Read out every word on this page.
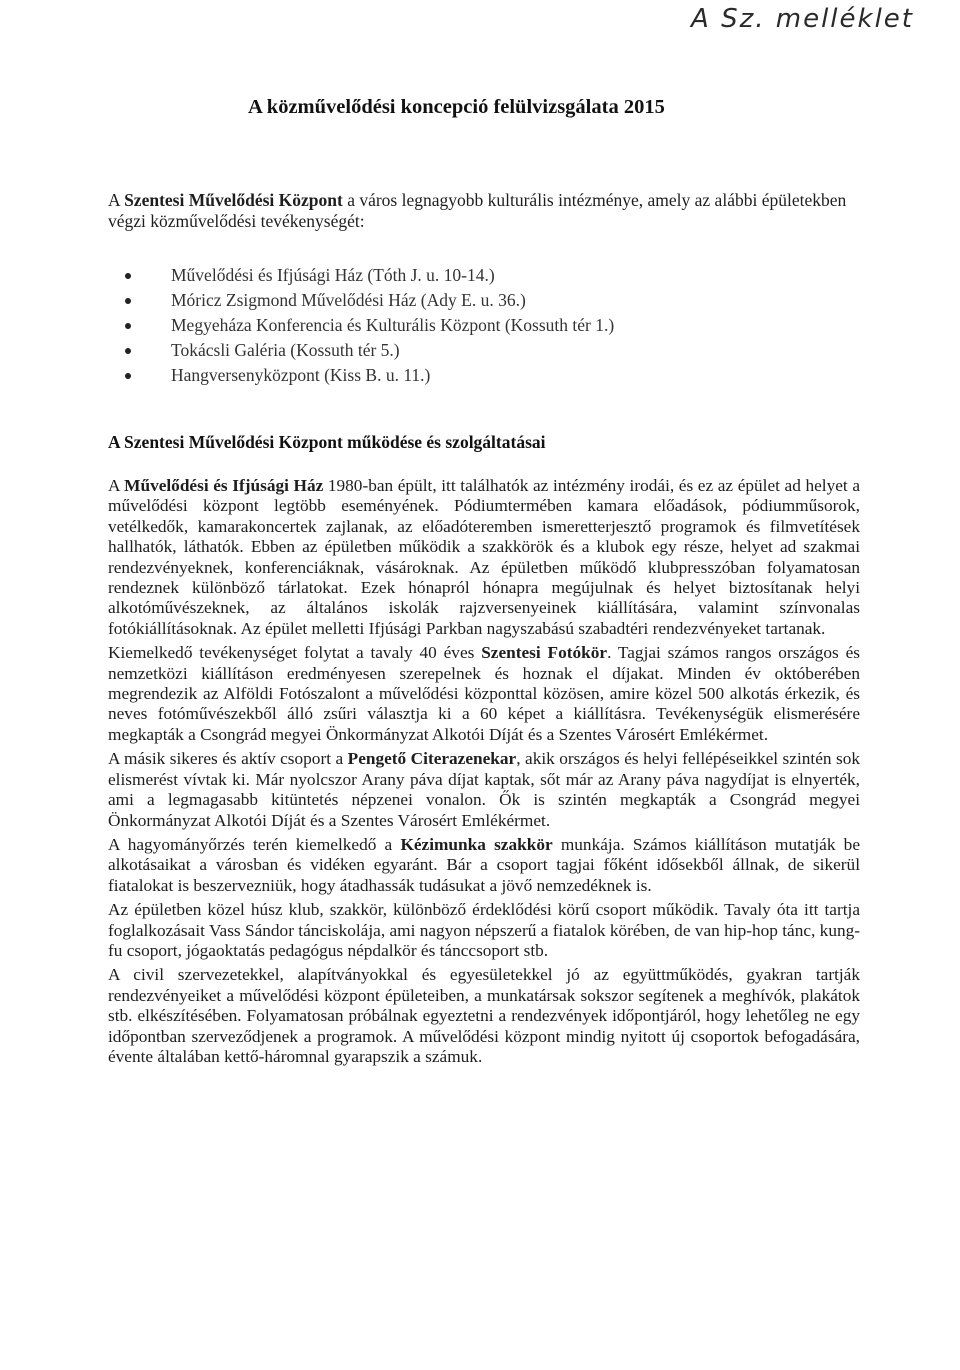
A Sz. melléklet
A közművelődési koncepció felülvizsgálata 2015

A Szentesi Művelődési Központ a város legnagyobb kulturális intézménye, amely az alábbi épületekben végzi közművelődési tevékenységét:

Művelődési és Ifjúsági Ház (Tóth J. u. 10-14.)
Móricz Zsigmond Művelődési Ház (Ady E. u. 36.)
Megyeháza Konferencia és Kulturális Központ (Kossuth tér 1.)
Tokácsli Galéria (Kossuth tér 5.)
Hangversenyközpont (Kiss B. u. 11.)
A Szentesi Művelődési Központ működése és szolgáltatásai

A Művelődési és Ifjúsági Ház 1980-ban épült, itt találhatók az intézmény irodái, és ez az épület ad helyet a művelődési központ legtöbb eseményének. Pódiumtermében kamara előadások, pódiumműsorok, vetélkedők, kamarakoncertek zajlanak, az előadóteremben ismeretterjesztő programok és filmvetítések hallhatók, láthatók. Ebben az épületben működik a szakkörök és a klubok egy része, helyet ad szakmai rendezvényeknek, konferenciáknak, vásároknak. Az épületben működő klubpresszóban folyamatosan rendeznek különböző tárlatokat. Ezek hónapról hónapra megújulnak és helyet biztosítanak helyi alkotóművészeknek, az általános iskolák rajzversenyeinek kiállítására, valamint színvonalas fotókiállításoknak. Az épület melletti Ifjúsági Parkban nagyszabású szabadtéri rendezvényeket tartanak.

Kiemelkedő tevékenységet folytat a tavaly 40 éves Szentesi Fotókör. Tagjai számos rangos országos és nemzetközi kiállításon eredményesen szerepelnek és hoznak el díjakat. Minden év októberében megrendezik az Alföldi Fotószalont a művelődési központtal közösen, amire közel 500 alkotás érkezik, és neves fotóművészekből álló zsűri választja ki a 60 képet a kiállításra. Tevékenységük elismerésére megkapták a Csongrád megyei Önkormányzat Alkotói Díját és a Szentes Városért Emlékérmet.

A másik sikeres és aktív csoport a Pengető Citerazenekar, akik országos és helyi fellépéseikkel szintén sok elismerést vívtak ki. Már nyolcszor Arany páva díjat kaptak, sőt már az Arany páva nagydíjat is elnyerték, ami a legmagasabb kitüntetés népzenei vonalon. Ők is szintén megkapták a Csongrád megyei Önkormányzat Alkotói Díját és a Szentes Városért Emlékérmet.

A hagyományőrzés terén kiemelkedő a Kézimunka szakkör munkája. Számos kiállításon mutatják be alkotásaikat a városban és vidéken egyaránt. Bár a csoport tagjai főként idősekből állnak, de sikerül fiatalokat is beszervezniük, hogy átadhassák tudásukat a jövő nemzedéknek is.

Az épületben közel húsz klub, szakkör, különböző érdeklődési körű csoport működik. Tavaly óta itt tartja foglalkozásait Vass Sándor tánciskolája, ami nagyon népszerű a fiatalok körében, de van hip-hop tánc, kung-fu csoport, jógaoktatás pedagógus népdalkör és tánccsoport stb.

A civil szervezetekkel, alapítványokkal és egyesületekkel jó az együttműködés, gyakran tartják rendezvényeiket a művelődési központ épületeiben, a munkatársak sokszor segítenek a meghívók, plakátok stb. elkészítésében. Folyamatosan próbálnak egyeztetni a rendezvények időpontjáról, hogy lehetőleg ne egy időpontban szerveződjenek a programok. A művelődési központ mindig nyitott új csoportok befogadására, évente általában kettő-háromnal gyarapszik a számuk.
